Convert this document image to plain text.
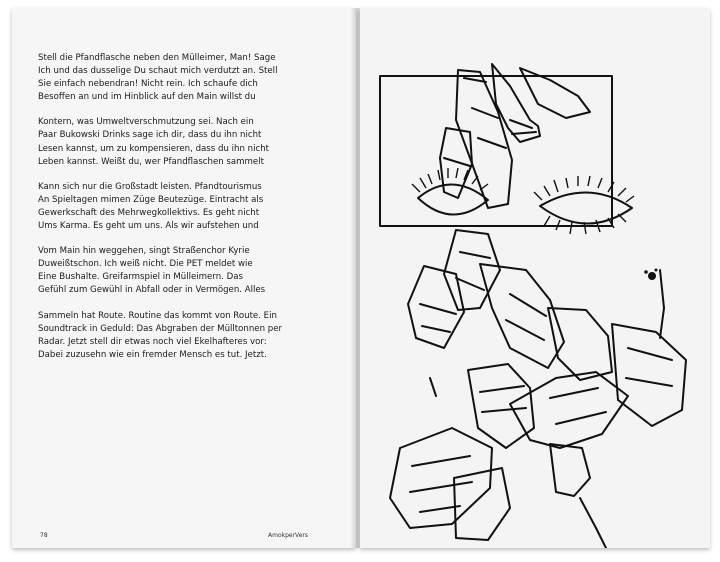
Stell die Pfandflasche neben den Mülleimer, Man! Sage
Ich und das dusselige Du schaut mich verdutzt an. Stell
Sie einfach nebendran! Nicht rein. Ich schaufe dich
Besoffen an und im Hinblick auf den Main willst du
Kontern, was Umweltverschmutzung sei. Nach ein
Paar Bukowski Drinks sage ich dir, dass du ihn nicht
Lesen kannst, um zu kompensieren, dass du ihn nicht
Leben kannst. Weißt du, wer Pfandflaschen sammelt
Kann sich nur die Großstadt leisten. Pfandtourismus
An Spieltagen mimen Züge Beutezüge. Eintracht als
Gewerkschaft des Mehrwegkollektivs. Es geht nicht
Ums Karma. Es geht um uns. Als wir aufstehen und
Vom Main hin weggehen, singt Straßenchor Kyrie
Duweißtschon. Ich weiß nicht. Die PET meldet wie
Eine Bushalte. Greifarmspiel in Mülleimern. Das
Gefühl zum Gewühl in Abfall oder in Vermögen. Alles
Sammeln hat Route. Routine das kommt von Route. Ein
Soundtrack in Geduld: Das Abgraben der Mülltonnen per
Radar. Jetzt stell dir etwas noch viel Ekelhafteres vor:
Dabei zuzusehn wie ein fremder Mensch es tut. Jetzt.
78	AmokperVers
